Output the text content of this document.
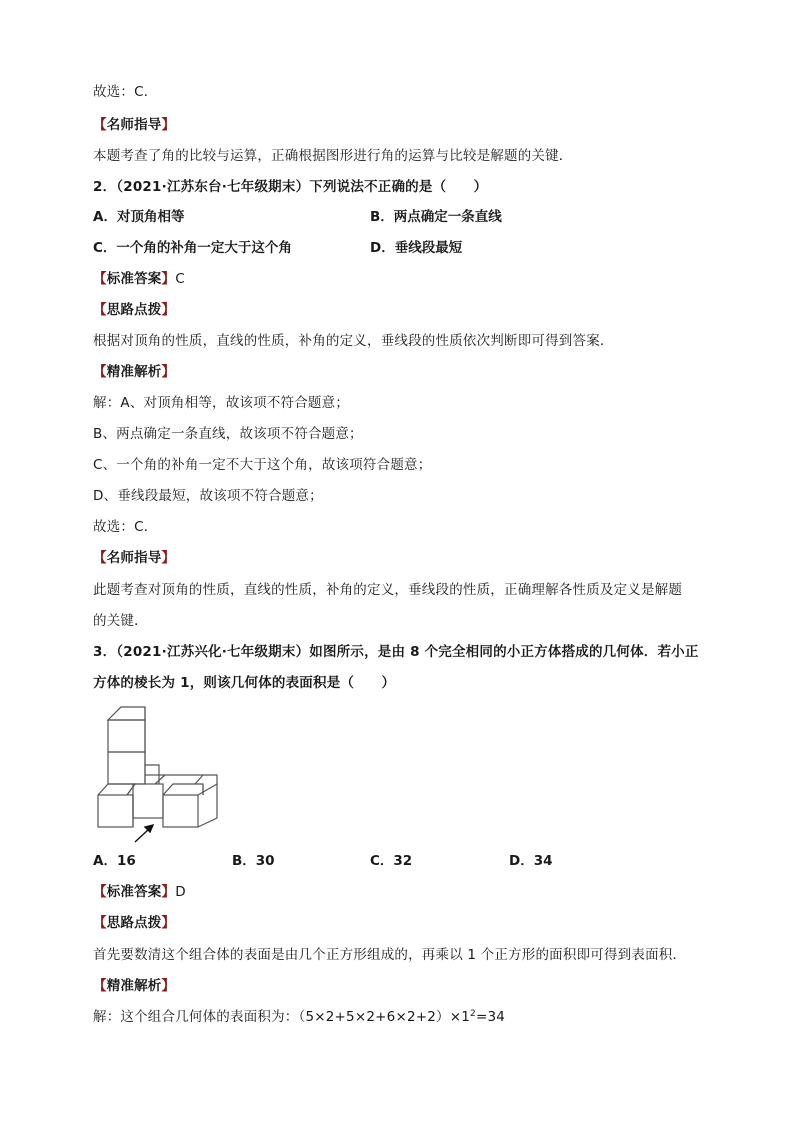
故选：C．
【名师指导】
本题考查了角的比较与运算，正确根据图形进行角的运算与比较是解题的关键．
2．（2021·江苏东台·七年级期末）下列说法不正确的是（　　）
A．对顶角相等	B．两点确定一条直线
C．一个角的补角一定大于这个角	D．垂线段最短
【标准答案】C
【思路点拨】
根据对顶角的性质，直线的性质，补角的定义，垂线段的性质依次判断即可得到答案．
【精准解析】
解：A、对顶角相等，故该项不符合题意；
B、两点确定一条直线，故该项不符合题意；
C、一个角的补角一定不大于这个角，故该项符合题意；
D、垂线段最短，故该项不符合题意；
故选：C．
【名师指导】
此题考查对顶角的性质，直线的性质，补角的定义，垂线段的性质，正确理解各性质及定义是解题
的关键．
3．（2021·江苏兴化·七年级期末）如图所示，是由 8 个完全相同的小正方体搭成的几何体．若小正
方体的棱长为 1，则该几何体的表面积是（　　）
A．16	B．30	C．32	D．34
【标准答案】D
【思路点拨】
首先要数清这个组合体的表面是由几个正方形组成的，再乘以 1 个正方形的面积即可得到表面积．
【精准解析】
解：这个组合几何体的表面积为：$(5\times 2+5\times 2+6\times 2+2)\times 1^2=34$
